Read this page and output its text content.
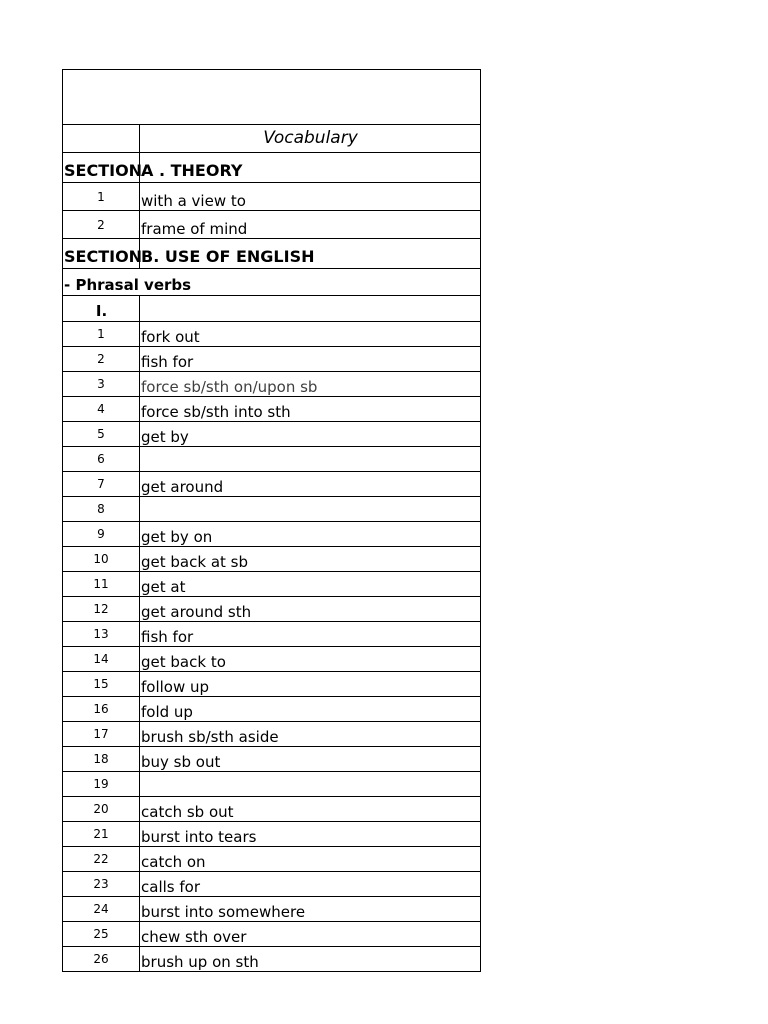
	Vocabulary
SECTION	A . THEORY
1	with a view to
2	frame of mind
SECTION	B. USE OF ENGLISH
- Phrasal verbs	
I.	
1	fork out
2	fish for
3	force sb/sth on/upon sb
4	force sb/sth into sth
5	get by
6	
7	get around
8	
9	get by on
10	get back at sb
11	get at
12	get around sth
13	fish for
14	get back to
15	follow up
16	fold up
17	brush sb/sth aside
18	buy sb out
19	
20	catch sb out
21	burst into tears
22	catch on
23	calls for
24	burst into somewhere
25	chew sth over
26	brush up on sth
